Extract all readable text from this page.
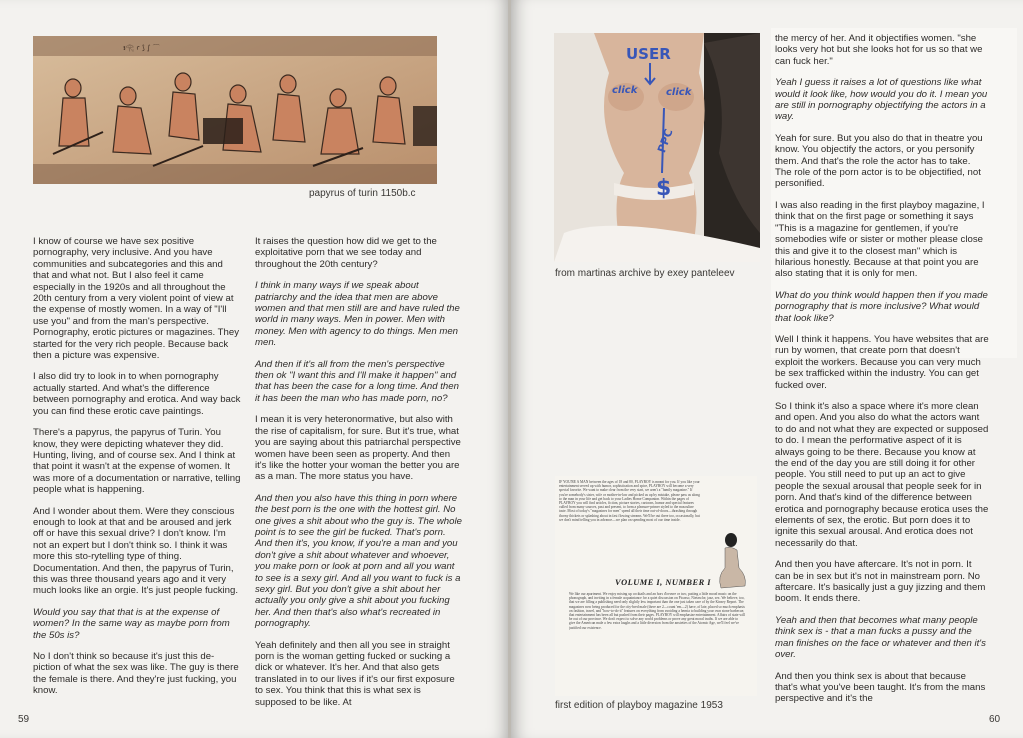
ꜣ𓂀 ꜥ ⟆ ∫ ⌒
papyrus of turin 1150b.c

I know of course we have sex positive pornography, very inclusive. And you have communities and subcategories and this and that and what not. But I also feel it came especially in the 1920s and all throughout the 20th century from a very violent point of view at the expense of mostly women. In a way of "I'll use you" and from the man's perspective. Pornography, erotic pictures or magazines. They started for the very rich people. Because back then a picture was expensive.

I also did try to look in to when pornography actually started. And what's the difference between pornography and erotica. And way back you can find these erotic cave paintings.

There's a papyrus, the papyrus of Turin. You know, they were depicting whatever they did. Hunting, living, and of course sex. And I think at that point it wasn't at the expense of women. It was more of a documentation or narrative, telling people what is happening.

And I wonder about them. Were they conscious enough to look at that and be aroused and jerk off or have this sexual drive? I don't know. I'm not an expert but I don't think so. I think it was more this sto-rytelling type of thing. Documentation. And then, the papyrus of Turin, this was three thousand years ago and it very much looks like an orgie. It's just people fucking.

Would you say that that is at the expense of women? In the same way as maybe porn from the 50s is?

No I don't think so because it's just this de-piction of what the sex was like. The guy is there the female is there. And they're just fucking, you know.

It raises the question how did we get to the exploitative porn that we see today and throughout the 20th century?

I think in many ways if we speak about patriarchy and the idea that men are above women and that men still are and have ruled the world in many ways. Men in power. Men with money. Men with agency to do things. Men men men.

And then if it's all from the men's perspective then ok "I want this and I'll make it happen" and that has been the case for a long time. And then it has been the man who has made porn, no?

I mean it is very heteronormative, but also with the rise of capitalism, for sure. But it's true, what you are saying about this patriarchal perspective women have been seen as property. And then it's like the hotter your woman the better you are as a man. The more status you have.

And then you also have this thing in porn where the best porn is the one with the hottest girl. No one gives a shit about who the guy is. The whole point is to see the girl be fucked. That's porn. And then it's, you know, if you're a man and you don't give a shit about whatever and whoever, you make porn or look at porn and all you want to see is a sexy girl. And all you want to fuck is a sexy girl. But you don't give a shit about her actually you only give a shit about you fucking her. And then that's also what's recreated in pornography.

Yeah definitely and then all you see in straight porn is the woman getting fucked or sucking a dick or whatever. It's her. And that also gets translated in to our lives if it's our first exposure to sex. You think that this is what sex is supposed to be like. At

59
USER
click	click
PPC
$
from martinas archive by exey panteleev
IF YOU'RE A MAN between the ages of 18 and 80, PLAYBOY is meant for you. If you like your entertainment served up with humor, sophistication and spice, PLAYBOY will become a very special favorite. We want to make clear from the very start, we aren't a "family magazine." If you're somebody's sister, wife or mother-in-law and picked us up by mistake, please pass us along to the man in your life and get back to your Ladies Home Companion. Within the pages of PLAYBOY you will find articles, fiction, picture stories, cartoons, humor and special features culled from many sources, past and present, to form a pleasure-primer styled to the masculine taste. Most of today's "magazines for men" spend all their time out-of-doors—thrashing through thorny thickets or splashing about in fast flowing streams. We'll be out there too, occasionally, but we don't mind telling you in advance—we plan on spending most of our time inside.
VOLUME I, NUMBER I
We like our apartment. We enjoy mixing up cocktails and an hors d'oeuvre or two, putting a little mood music on the phonograph, and inviting in a female acquaintance for a quiet discussion on Picasso, Nietzsche, jazz, sex. We believe, too, that we are filling a publishing need only slightly less important than the one just taken care of by the Kinsey Report. The magazines now being produced for the city-bred male (there are 2—count 'em—2) have, of late, placed so much emphasis on fashion, travel, and "how-to-do-it" features on everything from avoiding a hernia to building your own stone barbecue, that entertainment has been all but pushed from their pages. PLAYBOY will emphasize entertainment. Affairs of state will be out of our province. We don't expect to solve any world problems or prove any great moral truths. If we are able to give the American male a few extra laughs and a little diversion from the anxieties of the Atomic Age, we'll feel we've justified our existence.
first edition of playboy magazine 1953

the mercy of her. And it objectifies women. "she looks very hot but she looks hot for us so that we can fuck her."

Yeah I guess it raises a lot of questions like what would it look like, how would you do it. I mean you are still in pornography objectifying the actors in a way.

Yeah for sure. But you also do that in theatre you know. You objectify the actors, or you personify them. And that's the role the actor has to take. The role of the porn actor is to be objectified, not personified.

I was also reading in the first playboy magazine, I think that on the first page or something it says "This is a magazine for gentlemen, if you're somebodies wife or sister or mother please close this and give it to the closest man" which is hilarious honestly. Because at that point you are also stating that it is only for men.

What do you think would happen then if you made pornography that is more inclusive? What would that look like?

Well I think it happens. You have websites that are run by women, that create porn that doesn't exploit the workers. Because you can very much be sex trafficked within the industry. You can get fucked over.

So I think it's also a space where it's more clean and open. And you also do what the actors want to do and not what they are expected or supposed to do. I mean the performative aspect of it is always going to be there. Because you know at the end of the day you are still doing it for other people. You still need to put up an act to give people the sexual arousal that people seek for in porn. And that's kind of the difference between erotica and pornography because erotica uses the elements of sex, the erotic. But porn does it to ignite this sexual arousal. And erotica does not necessarily do that.

And then you have aftercare. It's not in porn. It can be in sex but it's not in mainstream porn. No aftercare. It's basically just a guy jizzing and them boom. It ends there.

Yeah and then that becomes what many people think sex is - that a man fucks a pussy and the man finishes on the face or whatever and then it's over.

And then you think sex is about that because that's what you've been taught. It's from the mans perspective and it's the

60
